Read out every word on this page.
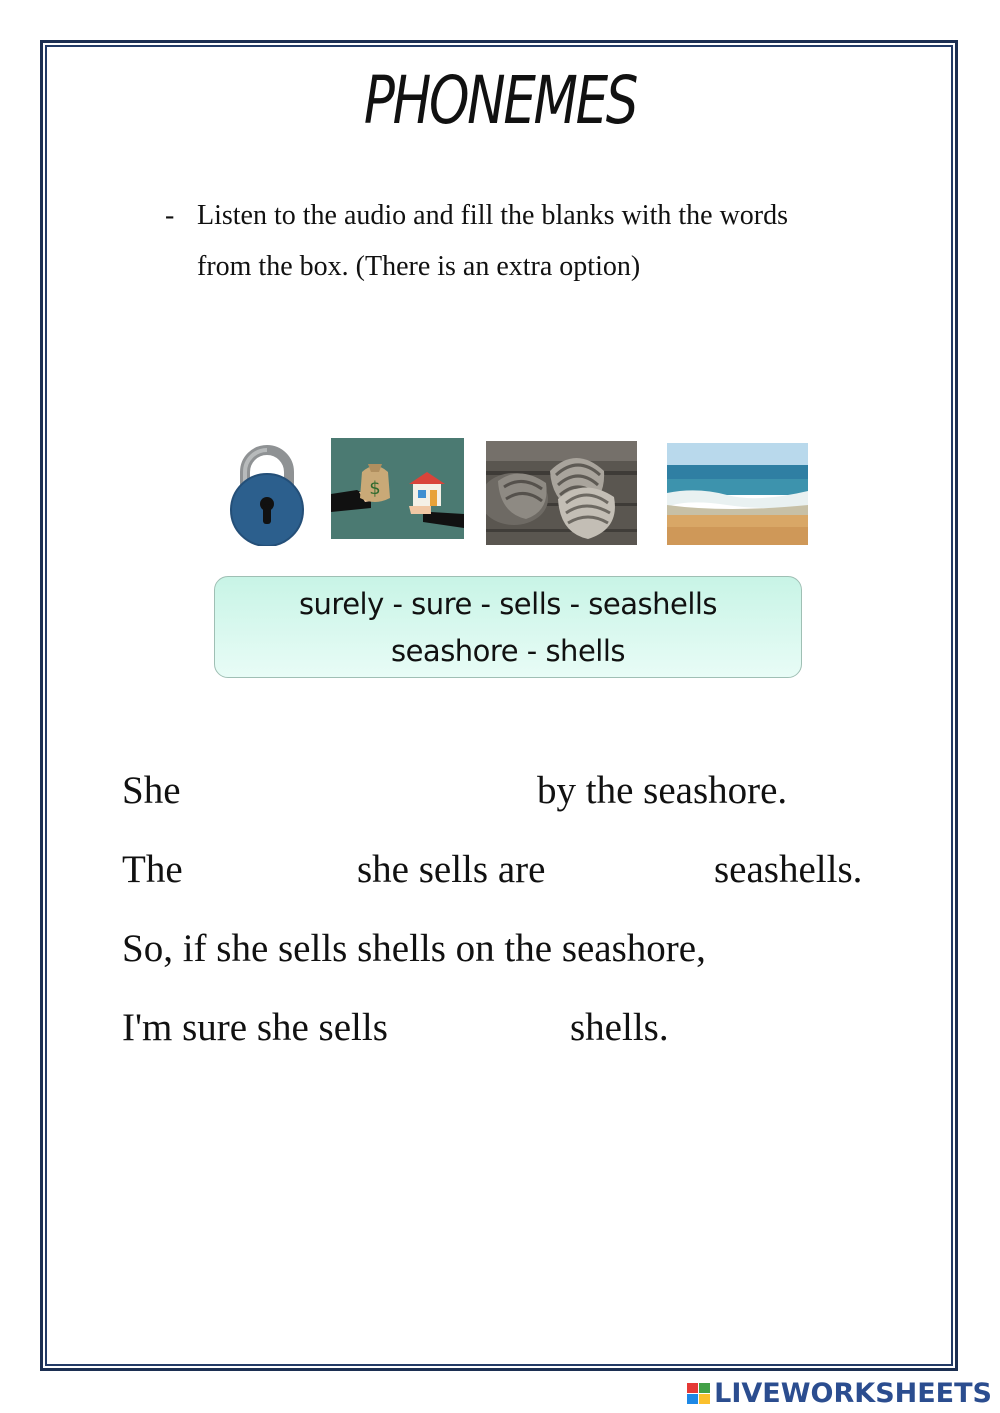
PHONEMES
- Listen to the audio and fill the blanks with the words
from the box. (There is an extra option)
$
surely - sure - sells - seashells
seashore - shells
She	by the seashore.
The	she sells are	seashells.
So, if she sells shells on the seashore,
I'm sure she sells	shells.
LIVEWORKSHEETS
